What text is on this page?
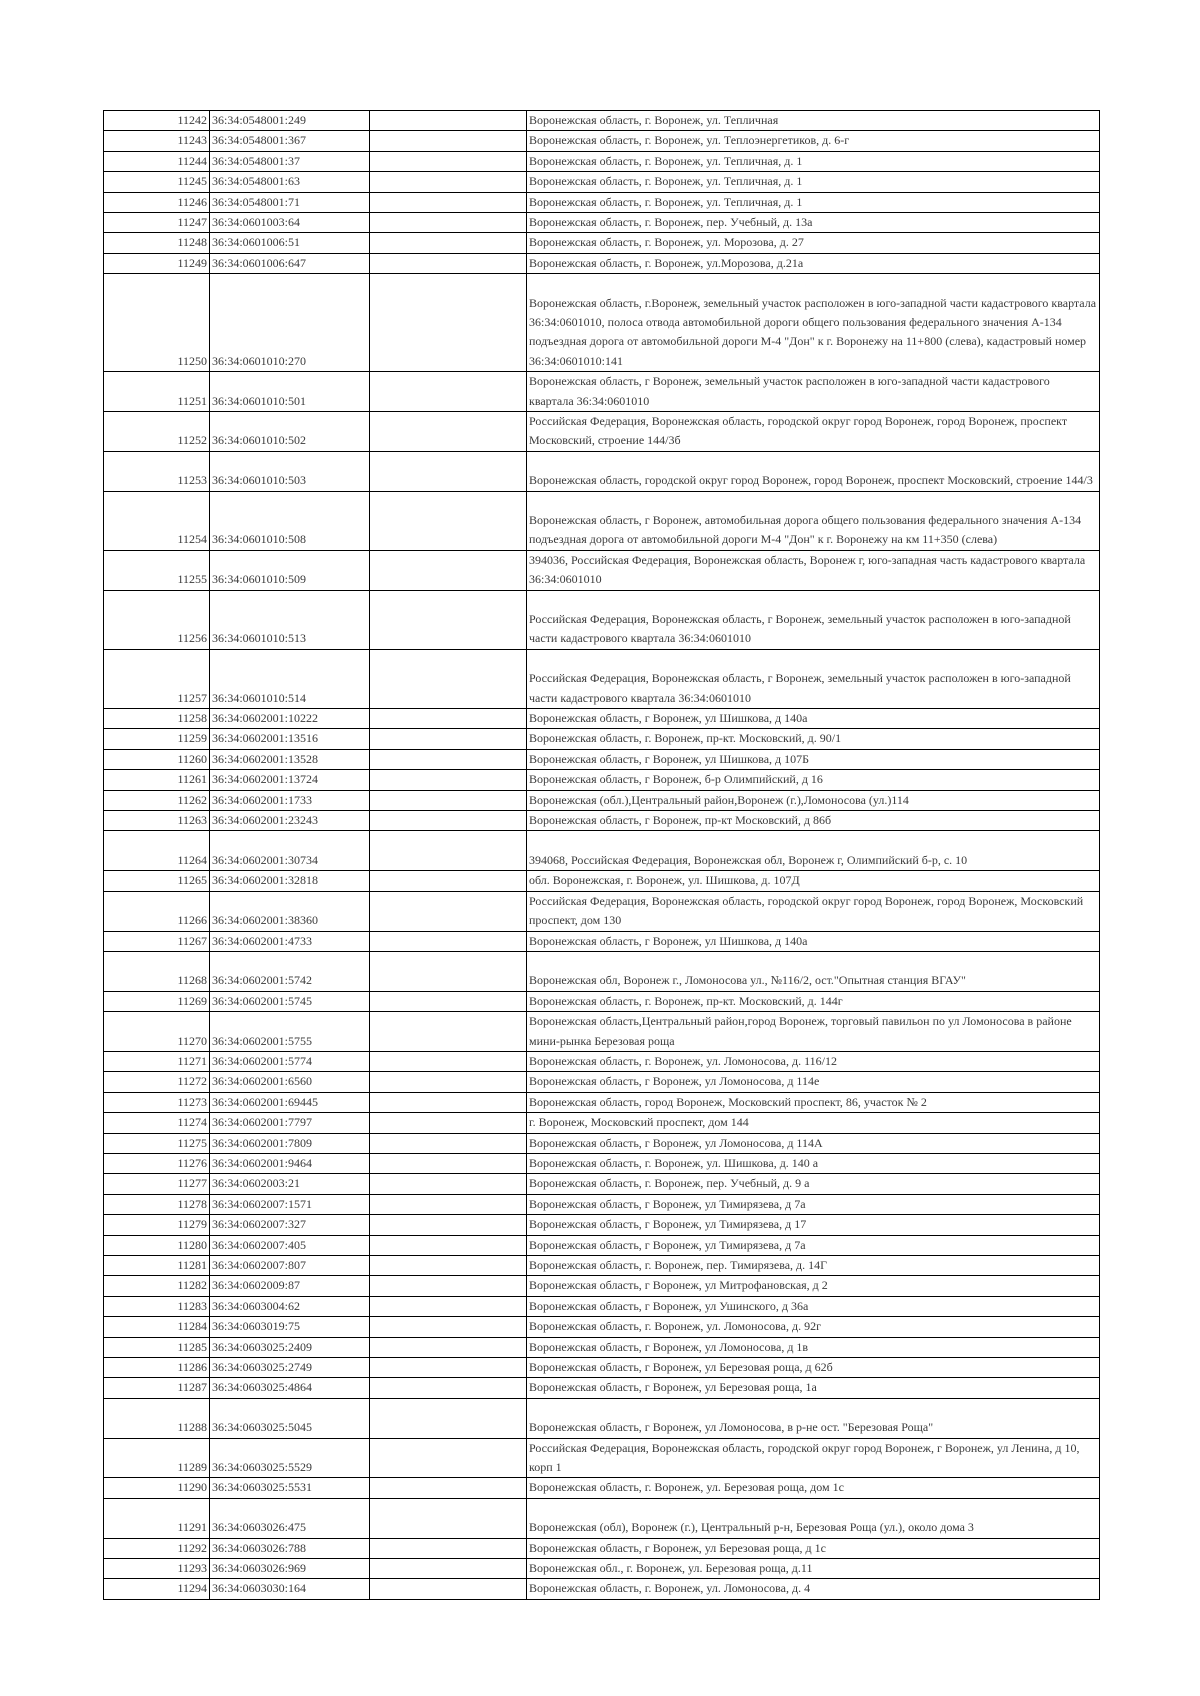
11242	36:34:0548001:249		Воронежская область, г. Воронеж, ул. Тепличная
11243	36:34:0548001:367		Воронежская область, г. Воронеж, ул. Теплоэнергетиков, д. 6-г
11244	36:34:0548001:37		Воронежская область, г. Воронеж, ул. Тепличная, д. 1
11245	36:34:0548001:63		Воронежская область, г. Воронеж, ул. Тепличная, д. 1
11246	36:34:0548001:71		Воронежская область, г. Воронеж, ул. Тепличная, д. 1
11247	36:34:0601003:64		Воронежская область, г. Воронеж, пер. Учебный, д. 13а
11248	36:34:0601006:51		Воронежская область, г. Воронеж, ул. Морозова, д. 27
11249	36:34:0601006:647		Воронежская область, г. Воронеж, ул.Морозова, д.21а
11250	36:34:0601010:270		Воронежская область, г.Воронеж, земельный участок расположен в юго-западной части кадастрового квартала 36:34:0601010, полоса отвода автомобильной дороги общего пользования федерального значения А-134 подъездная дорога от автомобильной дороги М-4 "Дон" к г. Воронежу на 11+800 (слева), кадастровый номер 36:34:0601010:141
11251	36:34:0601010:501		Воронежская область, г Воронеж, земельный участок расположен в юго-западной части кадастрового квартала 36:34:0601010
11252	36:34:0601010:502		Российская Федерация, Воронежская область, городской округ город Воронеж, город Воронеж, проспект Московский, строение 144/3б
11253	36:34:0601010:503		Воронежская область, городской округ город Воронеж, город Воронеж, проспект Московский, строение 144/3
11254	36:34:0601010:508		Воронежская область, г Воронеж, автомобильная дорога общего пользования федерального значения А-134 подъездная дорога от автомобильной дороги М-4 "Дон" к г. Воронежу на км 11+350 (слева)
11255	36:34:0601010:509		394036, Российская Федерация, Воронежская область, Воронеж г, юго-западная часть кадастрового квартала 36:34:0601010
11256	36:34:0601010:513		Российская Федерация, Воронежская область, г Воронеж, земельный участок расположен в юго-западной части кадастрового квартала 36:34:0601010
11257	36:34:0601010:514		Российская Федерация, Воронежская область, г Воронеж, земельный участок расположен в юго-западной части кадастрового квартала 36:34:0601010
11258	36:34:0602001:10222		Воронежская область, г Воронеж, ул Шишкова, д 140а
11259	36:34:0602001:13516		Воронежская область, г. Воронеж, пр-кт. Московский, д. 90/1
11260	36:34:0602001:13528		Воронежская область, г Воронеж, ул Шишкова, д 107Б
11261	36:34:0602001:13724		Воронежская область, г Воронеж, б-р Олимпийский, д 16
11262	36:34:0602001:1733		Воронежская (обл.),Центральный район,Воронеж (г.),Ломоносова (ул.)114
11263	36:34:0602001:23243		Воронежская область, г Воронеж, пр-кт Московский, д 86б
11264	36:34:0602001:30734		394068, Российская Федерация, Воронежская обл, Воронеж г, Олимпийский б-р, с. 10
11265	36:34:0602001:32818		обл. Воронежская, г. Воронеж, ул. Шишкова, д. 107Д
11266	36:34:0602001:38360		Российская Федерация, Воронежская область, городской округ город Воронеж, город Воронеж, Московский проспект, дом 130
11267	36:34:0602001:4733		Воронежская область, г Воронеж, ул Шишкова, д 140а
11268	36:34:0602001:5742		Воронежская обл, Воронеж г., Ломоносова ул., №116/2, ост."Опытная станция ВГАУ"
11269	36:34:0602001:5745		Воронежская область, г. Воронеж, пр-кт. Московский, д. 144г
11270	36:34:0602001:5755		Воронежская область,Центральный район,город Воронеж, торговый павильон по ул Ломоносова в районе мини-рынка Березовая роща
11271	36:34:0602001:5774		Воронежская область, г. Воронеж, ул. Ломоносова, д. 116/12
11272	36:34:0602001:6560		Воронежская область, г Воронеж, ул Ломоносова, д 114е
11273	36:34:0602001:69445		Воронежская область, город Воронеж, Московский проспект, 86, участок № 2
11274	36:34:0602001:7797		г. Воронеж, Московский проспект, дом 144
11275	36:34:0602001:7809		Воронежская область, г Воронеж, ул Ломоносова, д 114А
11276	36:34:0602001:9464		Воронежская область, г. Воронеж, ул. Шишкова, д. 140 а
11277	36:34:0602003:21		Воронежская область, г. Воронеж, пер. Учебный, д. 9 а
11278	36:34:0602007:1571		Воронежская область, г Воронеж, ул Тимирязева, д 7а
11279	36:34:0602007:327		Воронежская область, г Воронеж, ул Тимирязева, д 17
11280	36:34:0602007:405		Воронежская область, г Воронеж, ул Тимирязева, д 7а
11281	36:34:0602007:807		Воронежская область, г. Воронеж, пер. Тимирязева, д. 14Г
11282	36:34:0602009:87		Воронежская область, г Воронеж, ул Митрофановская, д 2
11283	36:34:0603004:62		Воронежская область, г Воронеж, ул Ушинского, д 36а
11284	36:34:0603019:75		Воронежская область, г. Воронеж, ул. Ломоносова, д. 92г
11285	36:34:0603025:2409		Воронежская область, г Воронеж, ул Ломоносова, д 1в
11286	36:34:0603025:2749		Воронежская область, г Воронеж, ул Березовая роща, д 62б
11287	36:34:0603025:4864		Воронежская область, г Воронеж, ул Березовая роща, 1а
11288	36:34:0603025:5045		Воронежская область, г Воронеж, ул Ломоносова, в р-не ост. "Березовая Роща"
11289	36:34:0603025:5529		Российская Федерация, Воронежская область, городской округ город Воронеж, г Воронеж, ул Ленина, д 10, корп 1
11290	36:34:0603025:5531		Воронежская область, г. Воронеж, ул. Березовая роща, дом 1с
11291	36:34:0603026:475		Воронежская (обл), Воронеж (г.), Центральный р-н, Березовая Роща (ул.), около дома 3
11292	36:34:0603026:788		Воронежская область, г Воронеж, ул Березовая роща, д 1с
11293	36:34:0603026:969		Воронежская обл., г. Воронеж, ул. Березовая роща, д.11
11294	36:34:0603030:164		Воронежская область, г. Воронеж, ул. Ломоносова, д. 4
